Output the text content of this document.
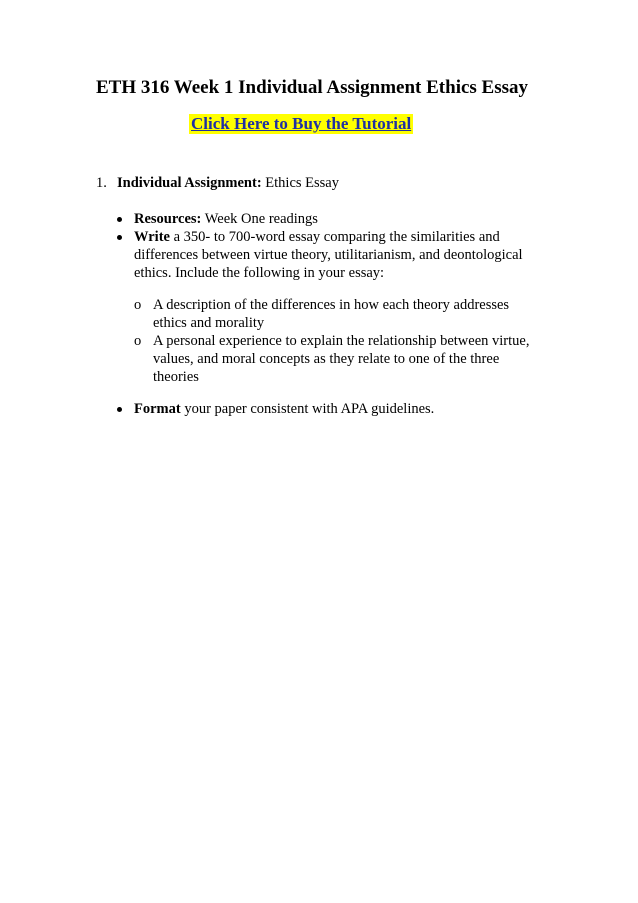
ETH 316 Week 1 Individual Assignment Ethics Essay
Click Here to Buy the Tutorial
1. Individual Assignment: Ethics Essay
Resources: Week One readings
Write a 350- to 700-word essay comparing the similarities and
differences between virtue theory, utilitarianism, and deontological
ethics. Include the following in your essay:
o A description of the differences in how each theory addresses
ethics and morality
o A personal experience to explain the relationship between virtue,
values, and moral concepts as they relate to one of the three
theories
Format your paper consistent with APA guidelines.
